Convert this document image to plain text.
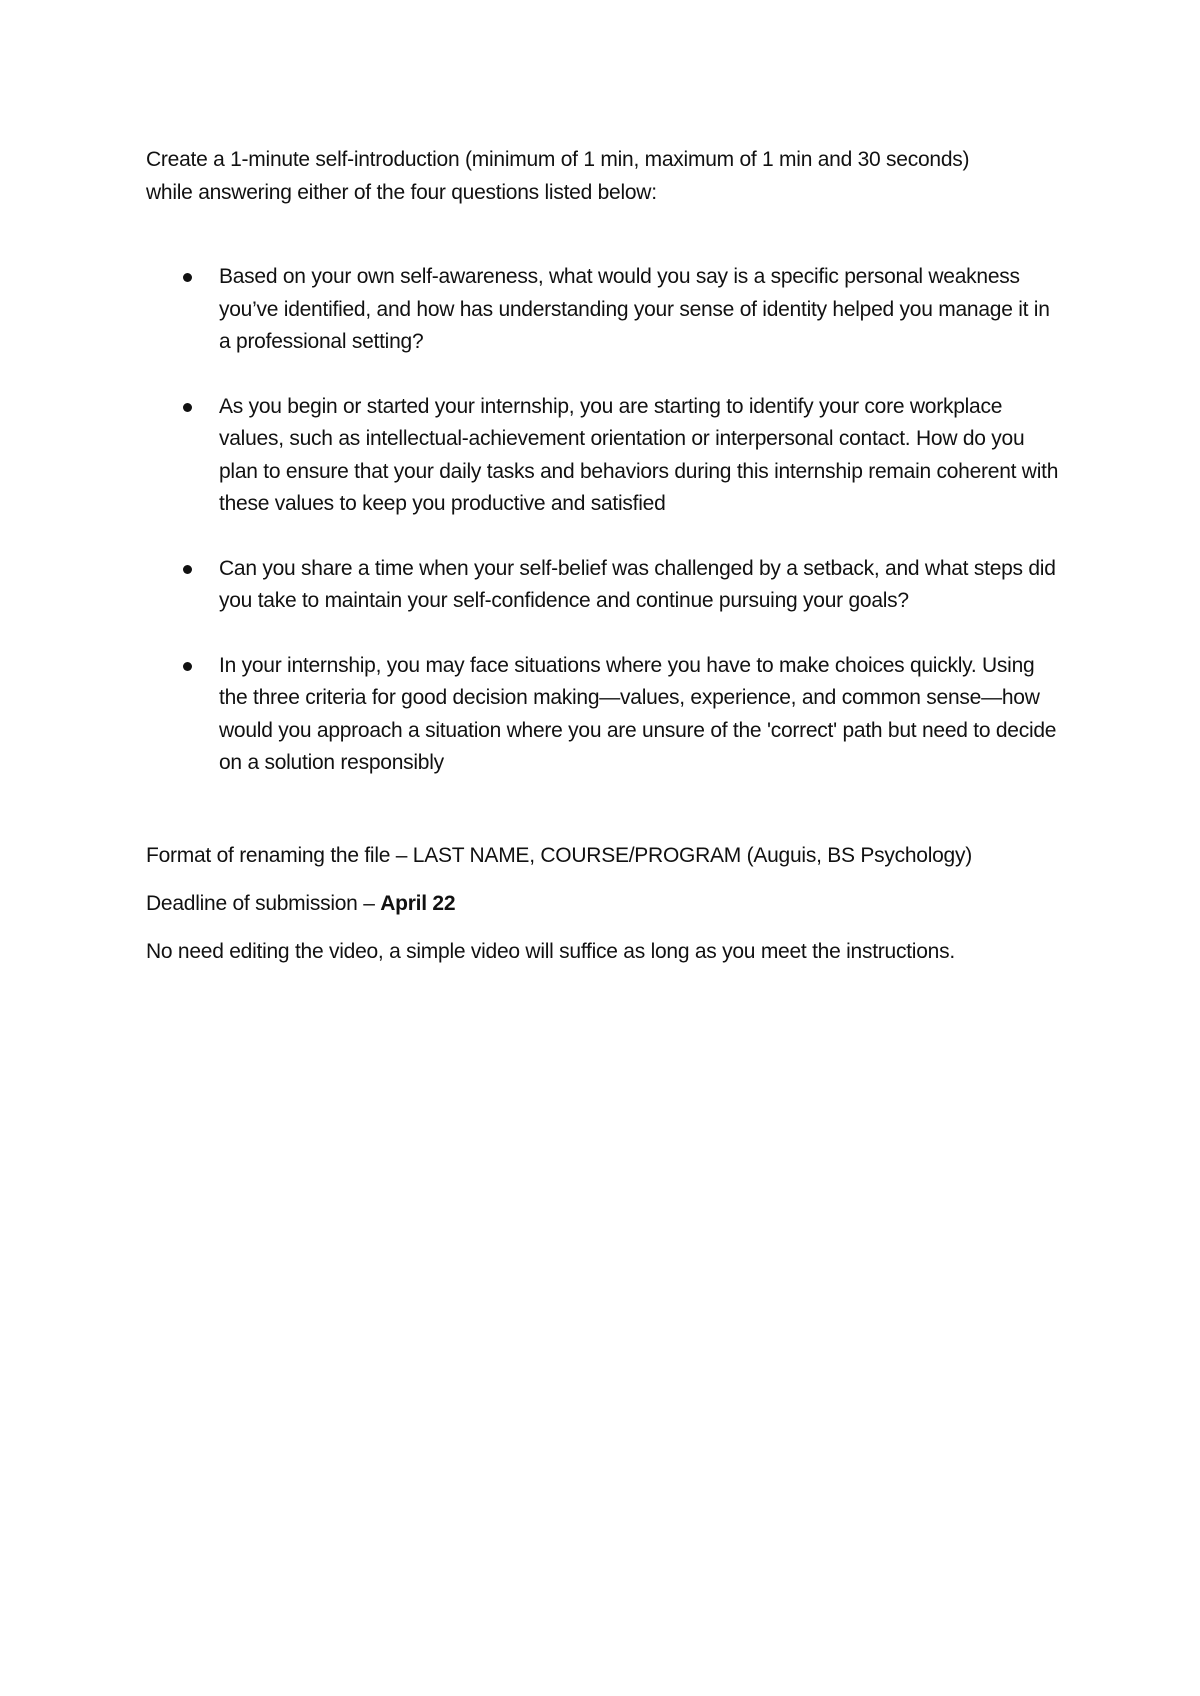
Create a 1-minute self-introduction (minimum of 1 min, maximum of 1 min and 30 seconds)
while answering either of the four questions listed below:

Based on your own self-awareness, what would you say is a specific personal weakness you’ve identified, and how has understanding your sense of identity helped you manage it in a professional setting?
As you begin or started your internship, you are starting to identify your core workplace values, such as intellectual-achievement orientation or interpersonal contact. How do you plan to ensure that your daily tasks and behaviors during this internship remain coherent with these values to keep you productive and satisfied
Can you share a time when your self-belief was challenged by a setback, and what steps did you take to maintain your self-confidence and continue pursuing your goals?
In your internship, you may face situations where you have to make choices quickly. Using the three criteria for good decision making—values, experience, and common sense—how would you approach a situation where you are unsure of the 'correct' path but need to decide on a solution responsibly

Format of renaming the file – LAST NAME, COURSE/PROGRAM (Auguis, BS Psychology)

Deadline of submission – April 22

No need editing the video, a simple video will suffice as long as you meet the instructions.
